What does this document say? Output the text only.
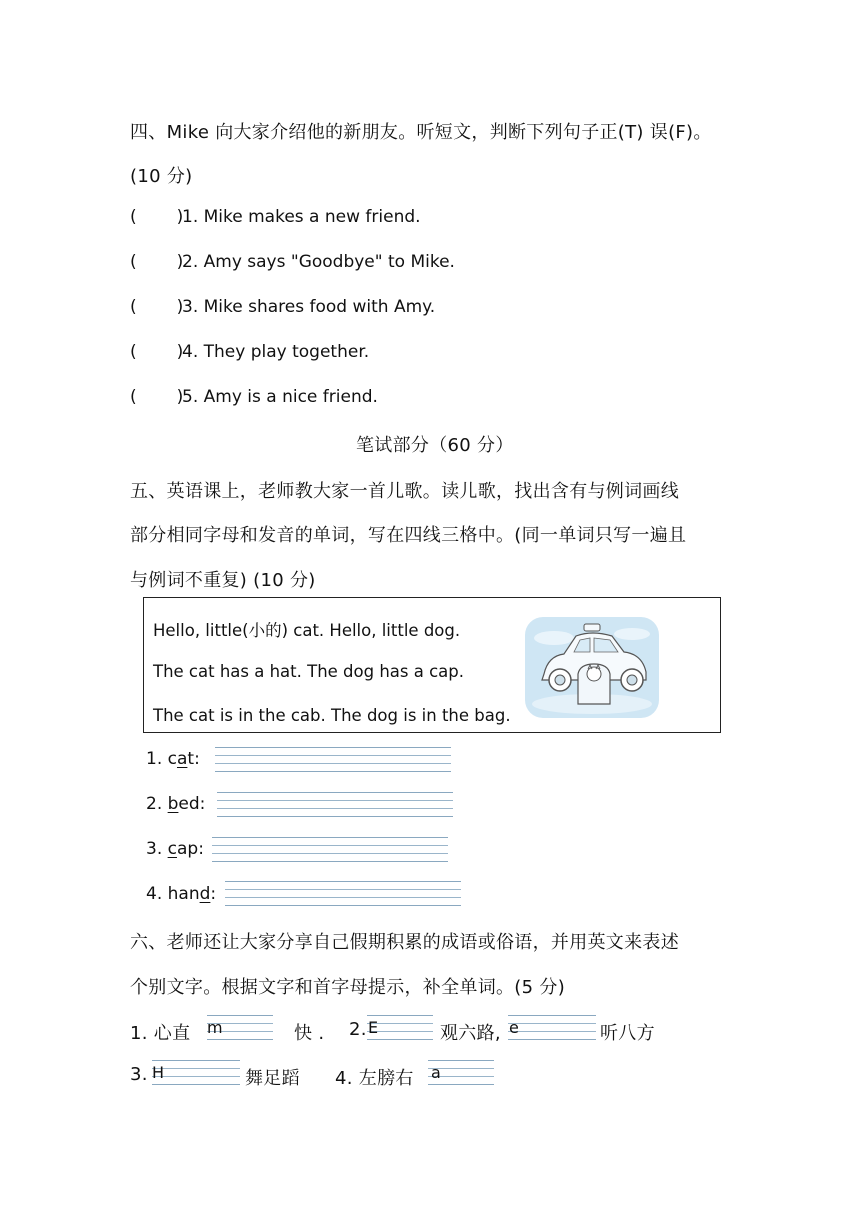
四、Mike 向大家介绍他的新朋友。听短文，判断下列句子正(T) 误(F)。
(10 分)
( )1. Mike makes a new friend.
( )2. Amy says "Goodbye" to Mike.
( )3. Mike shares food with Amy.
( )4. They play together.
( )5. Amy is a nice friend.
笔试部分（60 分）
五、英语课上，老师教大家一首儿歌。读儿歌，找出含有与例词画线
部分相同字母和发音的单词，写在四线三格中。(同一单词只写一遍且
与例词不重复) (10 分)
Hello, little(小的) cat. Hello, little dog.
The cat has a hat. The dog has a cap.
The cat is in the cab. The dog is in the bag.
1. cat:
2. bed:
3. cap:
4. hand:
六、老师还让大家分享自己假期积累的成语或俗语，并用英文来表述
个别文字。根据文字和首字母提示，补全单词。(5 分)
1. 心直 m	快 . 2. E	观六路, e	听八方
3. H	舞足蹈 4. 左膀右 a
